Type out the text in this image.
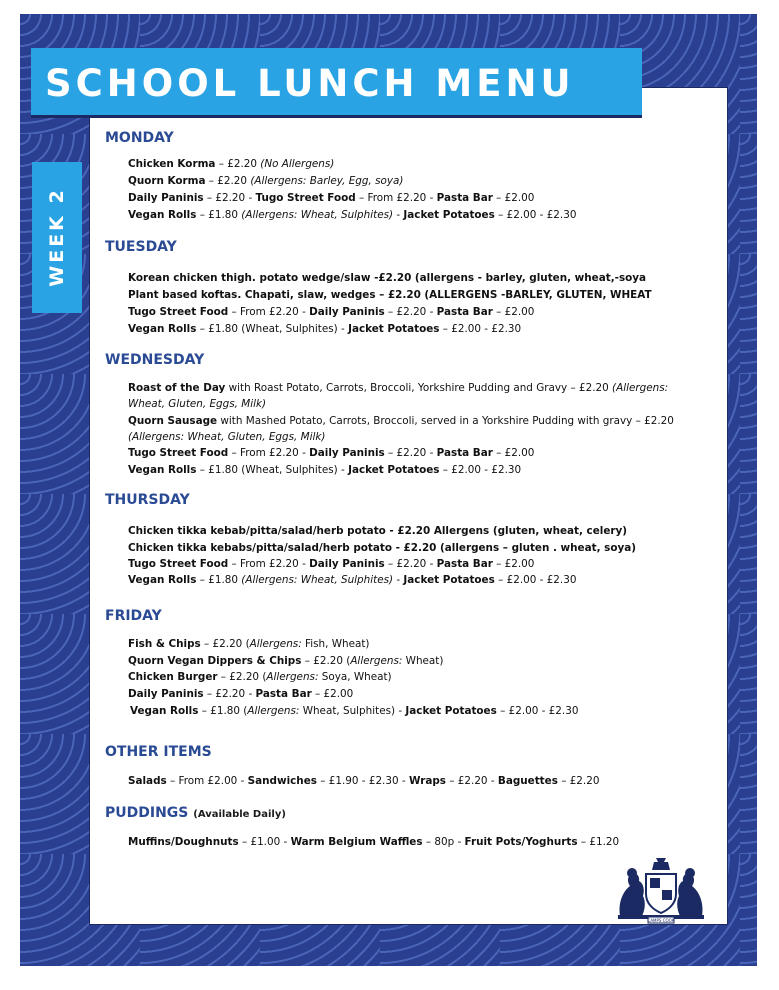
SCHOOL LUNCH MENU
WEEK 2
MONDAY
Chicken Korma – £2.20 (No Allergens)
Quorn Korma – £2.20 (Allergens: Barley, Egg, soya)
Daily Paninis – £2.20 - Tugo Street Food – From £2.20 - Pasta Bar – £2.00
Vegan Rolls – £1.80 (Allergens: Wheat, Sulphites) - Jacket Potatoes – £2.00 - £2.30
TUESDAY
Korean chicken thigh. potato wedge/slaw -£2.20 (allergens - barley, gluten, wheat,-soya
Plant based koftas. Chapati, slaw, wedges – £2.20 (ALLERGENS -BARLEY, GLUTEN, WHEAT
Tugo Street Food – From £2.20 - Daily Paninis – £2.20 - Pasta Bar – £2.00
Vegan Rolls – £1.80 (Wheat, Sulphites) - Jacket Potatoes – £2.00 - £2.30
WEDNESDAY
Roast of the Day with Roast Potato, Carrots, Broccoli, Yorkshire Pudding and Gravy – £2.20 (Allergens:
Wheat, Gluten, Eggs, Milk)
Quorn Sausage with Mashed Potato, Carrots, Broccoli, served in a Yorkshire Pudding with gravy – £2.20
(Allergens: Wheat, Gluten, Eggs, Milk)
Tugo Street Food – From £2.20 - Daily Paninis – £2.20 - Pasta Bar – £2.00
Vegan Rolls – £1.80 (Wheat, Sulphites) - Jacket Potatoes – £2.00 - £2.30
THURSDAY
Chicken tikka kebab/pitta/salad/herb potato - £2.20 Allergens (gluten, wheat, celery)
Chicken tikka kebabs/pitta/salad/herb potato - £2.20 (allergens – gluten . wheat, soya)
Tugo Street Food – From £2.20 - Daily Paninis – £2.20 - Pasta Bar – £2.00
Vegan Rolls – £1.80 (Allergens: Wheat, Sulphites) - Jacket Potatoes – £2.00 - £2.30
FRIDAY
Fish & Chips – £2.20 (Allergens: Fish, Wheat)
Quorn Vegan Dippers & Chips – £2.20 (Allergens: Wheat)
Chicken Burger – £2.20 (Allergens: Soya, Wheat)
Daily Paninis – £2.20 - Pasta Bar – £2.00
Vegan Rolls – £1.80 (Allergens: Wheat, Sulphites) - Jacket Potatoes – £2.00 - £2.30
OTHER ITEMS
Salads – From £2.00 - Sandwiches – £1.90 - £2.30 - Wraps – £2.20 - Baguettes – £2.20
PUDDINGS (Available Daily)
Muffins/Doughnuts – £1.00 - Warm Belgium Waffles – 80p - Fruit Pots/Yoghurts – £1.20
CAMPS COOK
